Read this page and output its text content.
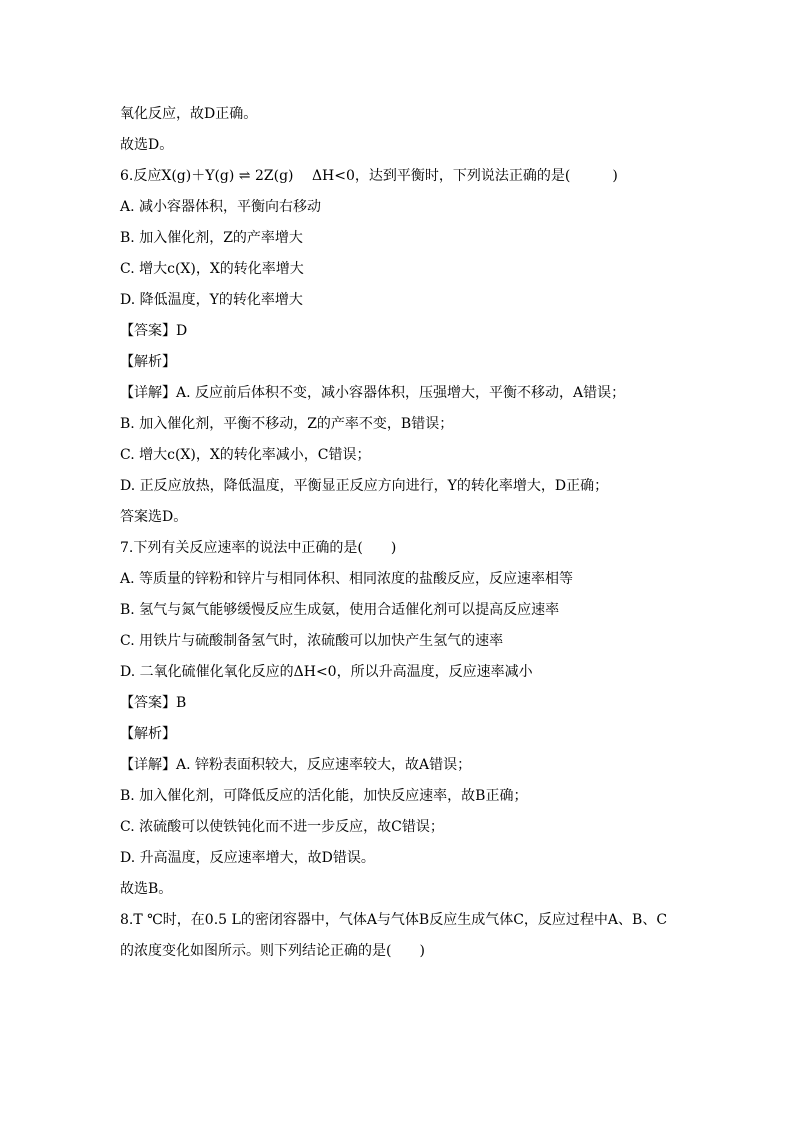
氧化反应，故D正确。
故选D。
6.反应X(g)＋Y(g) ⇌ 2Z(g)　 ΔH<0，达到平衡时，下列说法正确的是(　　　)
A. 减小容器体积，平衡向右移动
B. 加入催化剂，Z的产率增大
C. 增大c(X)，X的转化率增大
D. 降低温度，Y的转化率增大
【答案】D
【解析】
【详解】A. 反应前后体积不变，减小容器体积，压强增大，平衡不移动，A错误；
B. 加入催化剂，平衡不移动，Z的产率不变，B错误；
C. 增大c(X)，X的转化率减小，C错误；
D. 正反应放热，降低温度，平衡显正反应方向进行，Y的转化率增大，D正确；
答案选D。
7.下列有关反应速率的说法中正确的是(　　)
A. 等质量的锌粉和锌片与相同体积、相同浓度的盐酸反应，反应速率相等
B. 氢气与氮气能够缓慢反应生成氨，使用合适催化剂可以提高反应速率
C. 用铁片与硫酸制备氢气时，浓硫酸可以加快产生氢气的速率
D. 二氧化硫催化氧化反应的ΔH<0，所以升高温度，反应速率减小
【答案】B
【解析】
【详解】A. 锌粉表面积较大，反应速率较大，故A错误；
B. 加入催化剂，可降低反应的活化能，加快反应速率，故B正确；
C. 浓硫酸可以使铁钝化而不进一步反应，故C错误；
D. 升高温度，反应速率增大，故D错误。
故选B。
8.T ℃时，在0.5 L的密闭容器中，气体A与气体B反应生成气体C，反应过程中A、B、C
的浓度变化如图所示。则下列结论正确的是(　　)
